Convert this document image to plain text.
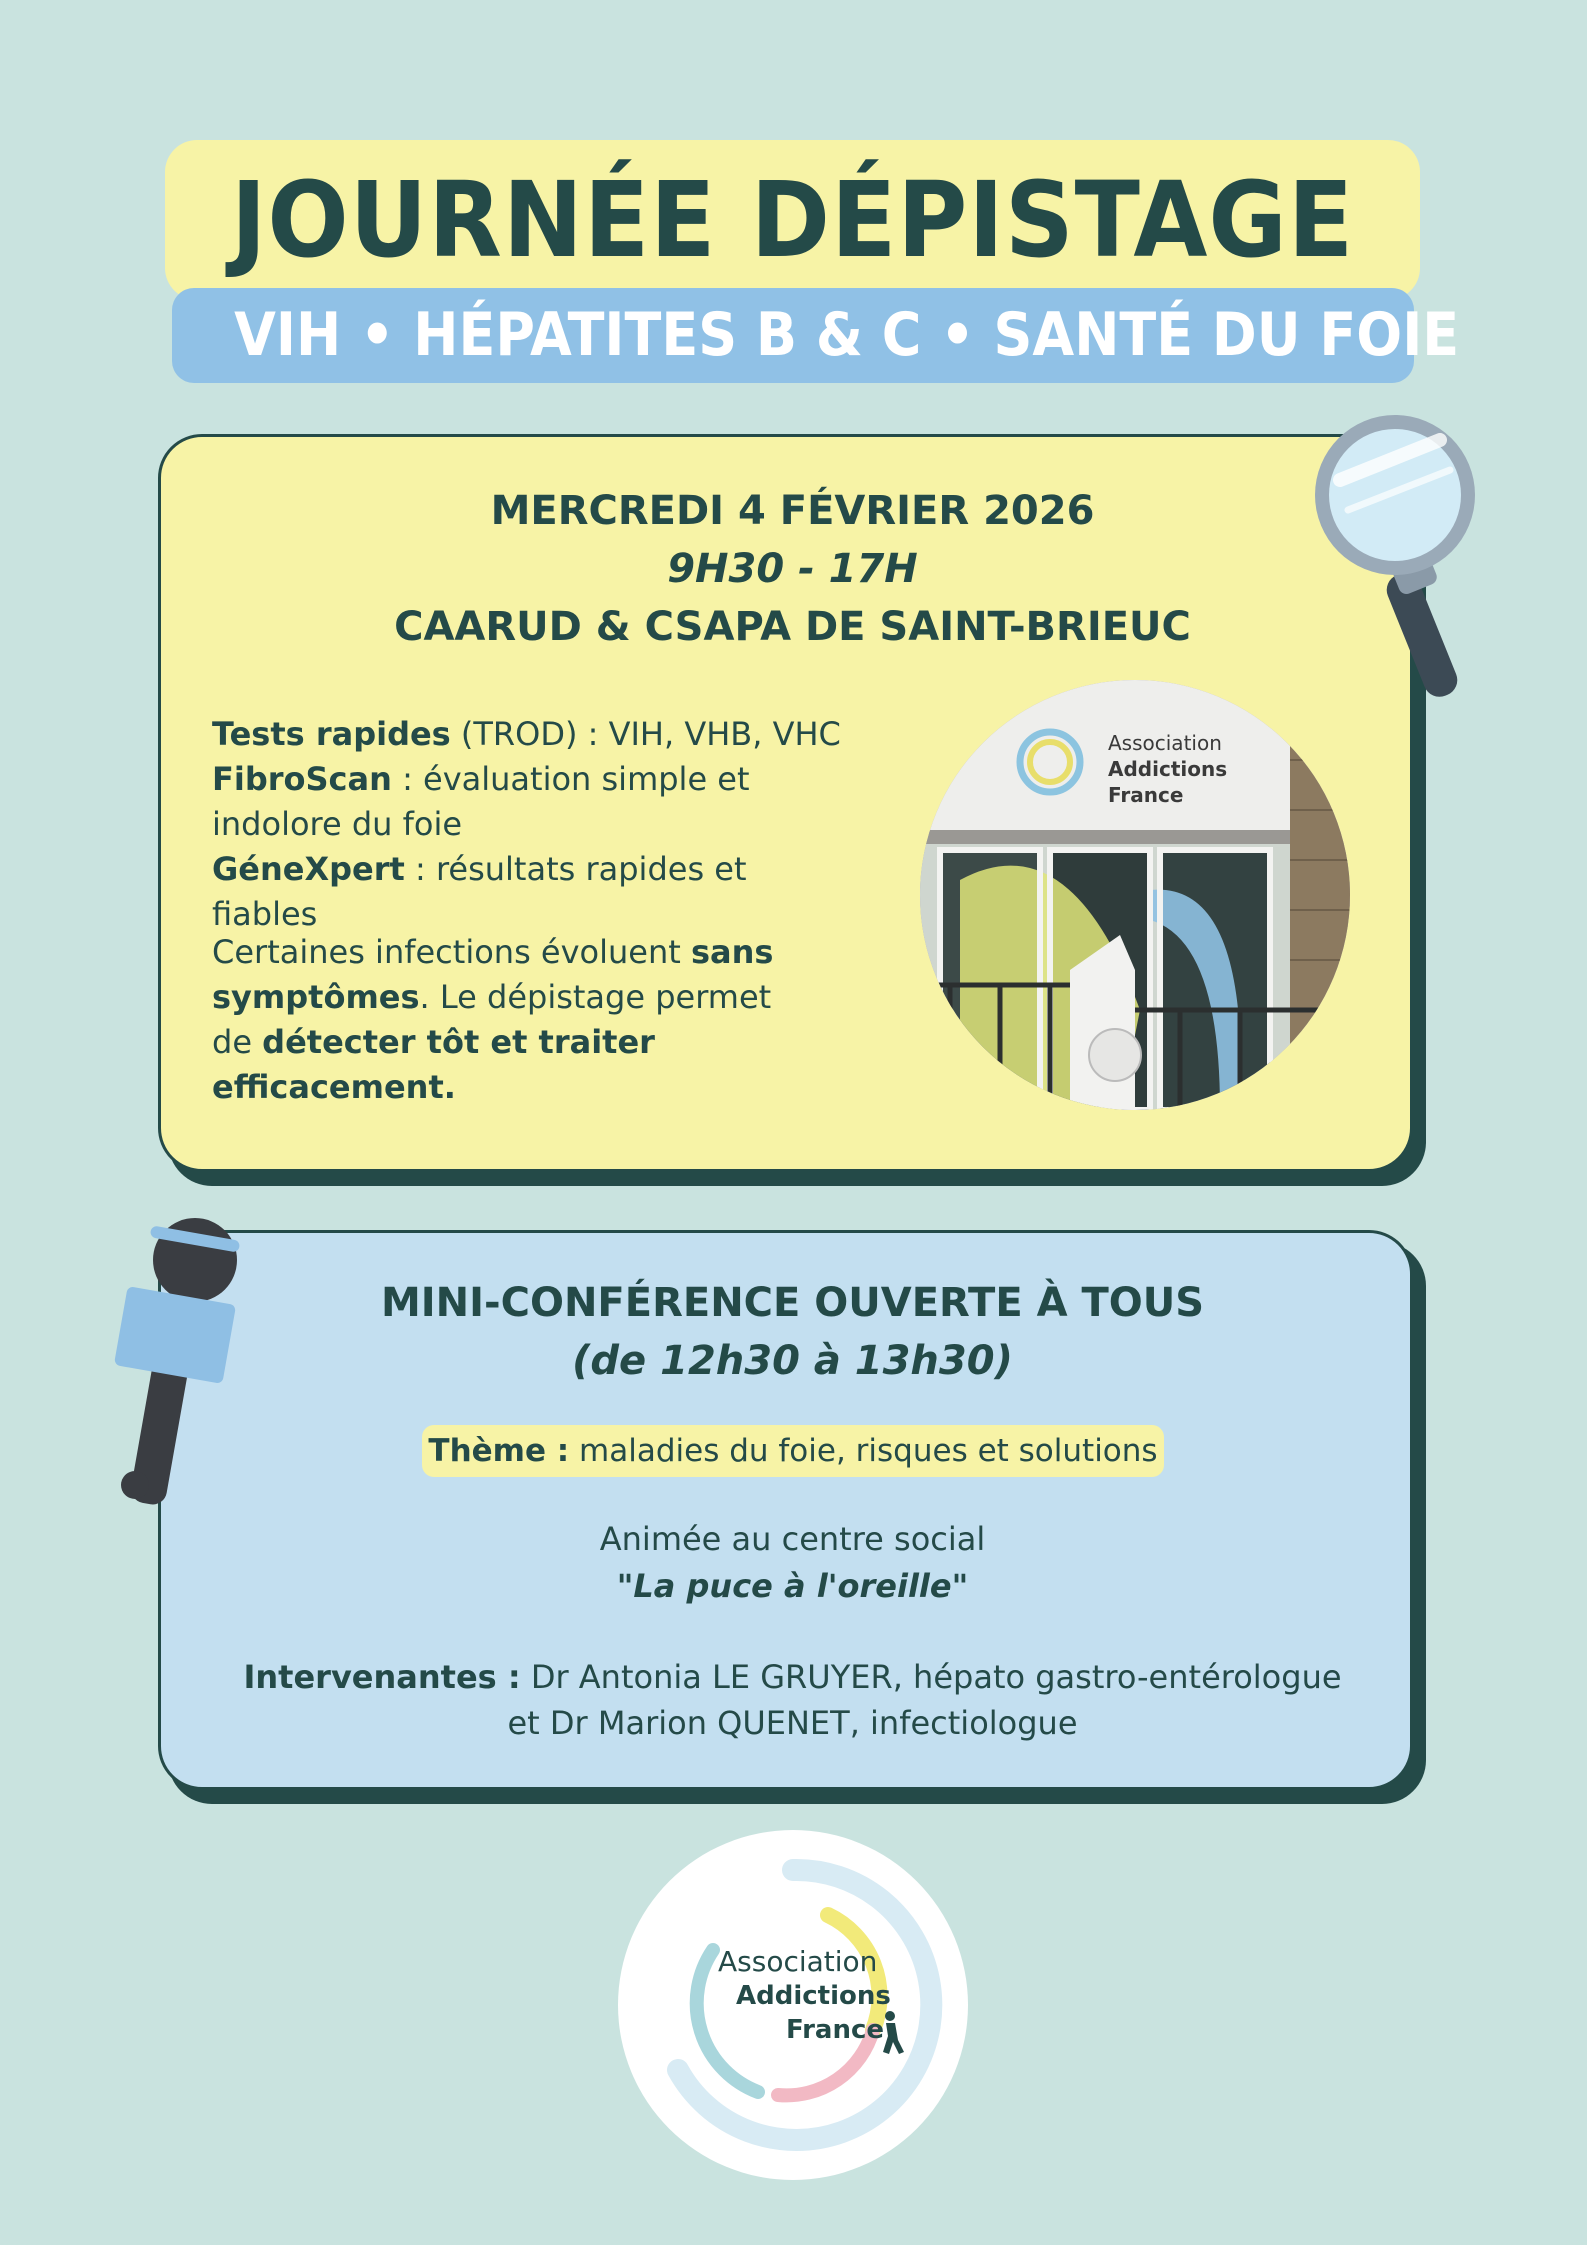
JOURNÉE DÉPISTAGE
VIH • HÉPATITES B & C • SANTÉ DU FOIE
MERCREDI 4 FÉVRIER 2026
9H30 - 17H
CAARUD & CSAPA DE SAINT-BRIEUC
Tests rapides (TROD) : VIH, VHB, VHC
FibroScan : évaluation simple et indolore du foie
GéneXpert : résultats rapides et fiables
Certaines infections évoluent sans symptômes. Le dépistage permet de détecter tôt et traiter efficacement.
Association
Addictions
France
MINI-CONFÉRENCE OUVERTE À TOUS
(de 12h30 à 13h30)
Thème : maladies du foie, risques et solutions
Animée au centre social
"La puce à l'oreille"
Intervenantes : Dr Antonia LE GRUYER, hépato gastro-entérologue
et Dr Marion QUENET, infectiologue
Association
Addictions
France
